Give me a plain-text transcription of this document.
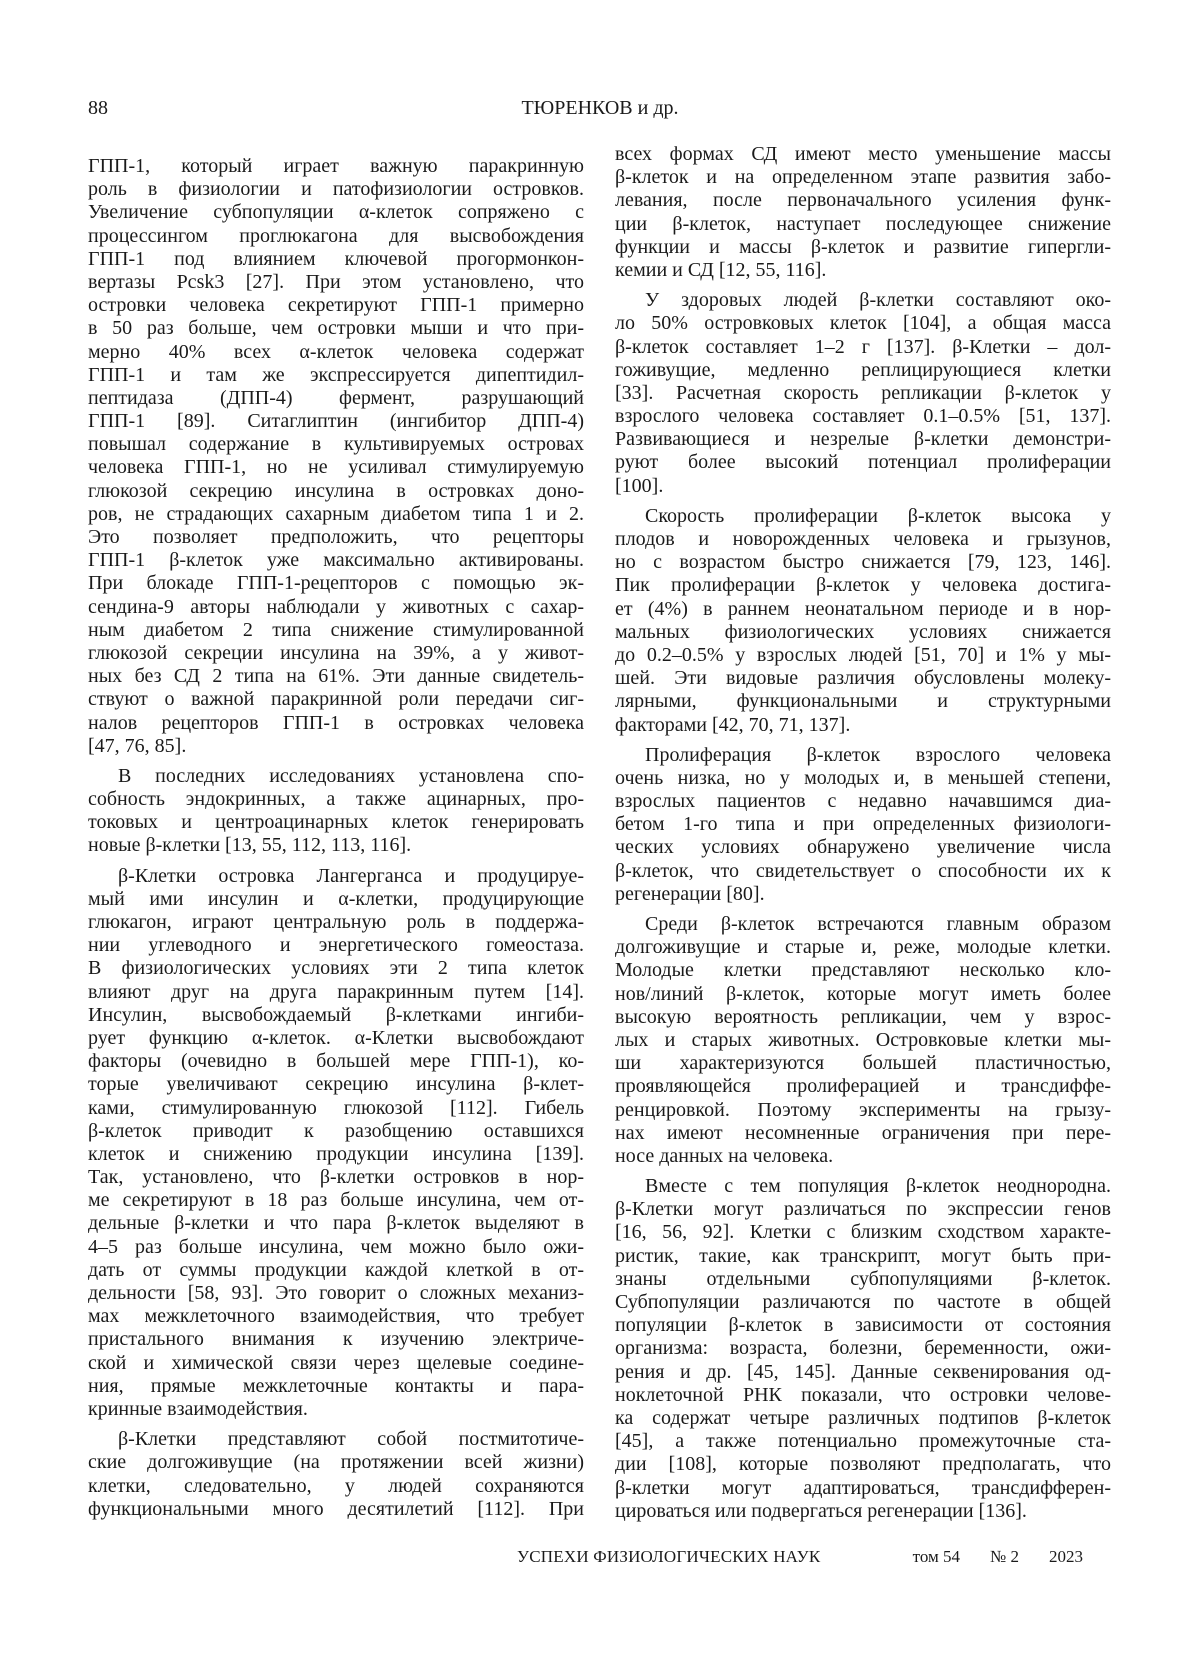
88	ТЮРЕНКОВ и др.
ГПП-1, который играет важную паракринную
роль в физиологии и патофизиологии островков.
Увеличение субпопуляции α-клеток сопряжено с
процессингом проглюкагона для высвобождения
ГПП-1 под влиянием ключевой прогормонкон-
вертазы Pcsk3 [27]. При этом установлено, что
островки человека секретируют ГПП-1 примерно
в 50 раз больше, чем островки мыши и что при-
мерно 40% всех α-клеток человека содержат
ГПП-1 и там же экспрессируется дипептидил-
пептидаза (ДПП-4) фермент, разрушающий
ГПП-1 [89]. Ситаглиптин (ингибитор ДПП-4)
повышал содержание в культивируемых островах
человека ГПП-1, но не усиливал стимулируемую
глюкозой секрецию инсулина в островках доно-
ров, не страдающих сахарным диабетом типа 1 и 2.
Это позволяет предположить, что рецепторы
ГПП-1 β-клеток уже максимально активированы.
При блокаде ГПП-1-рецепторов с помощью эк-
сендина-9 авторы наблюдали у животных с сахар-
ным диабетом 2 типа снижение стимулированной
глюкозой секреции инсулина на 39%, а у живот-
ных без СД 2 типа на 61%. Эти данные свидетель-
ствуют о важной паракринной роли передачи сиг-
налов рецепторов ГПП-1 в островках человека
[47, 76, 85].
В последних исследованиях установлена спо-
собность эндокринных, а также ацинарных, про-
токовых и центроацинарных клеток генерировать
новые β-клетки [13, 55, 112, 113, 116].
β-Клетки островка Лангерганса и продуцируе-
мый ими инсулин и α-клетки, продуцирующие
глюкагон, играют центральную роль в поддержа-
нии углеводного и энергетического гомеостаза.
В физиологических условиях эти 2 типа клеток
влияют друг на друга паракринным путем [14].
Инсулин, высвобождаемый β-клетками ингиби-
рует функцию α-клеток. α-Клетки высвобождают
факторы (очевидно в большей мере ГПП-1), ко-
торые увеличивают секрецию инсулина β-клет-
ками, стимулированную глюкозой [112]. Гибель
β-клеток приводит к разобщению оставшихся
клеток и снижению продукции инсулина [139].
Так, установлено, что β-клетки островков в нор-
ме секретируют в 18 раз больше инсулина, чем от-
дельные β-клетки и что пара β-клеток выделяют в
4–5 раз больше инсулина, чем можно было ожи-
дать от суммы продукции каждой клеткой в от-
дельности [58, 93]. Это говорит о сложных механиз-
мах межклеточного взаимодействия, что требует
пристального внимания к изучению электриче-
ской и химической связи через щелевые соедине-
ния, прямые межклеточные контакты и пара-
кринные взаимодействия.
β-Клетки представляют собой постмитотиче-
ские долгоживущие (на протяжении всей жизни)
клетки, следовательно, у людей сохраняются
функциональными много десятилетий [112]. При
всех формах СД имеют место уменьшение массы
β-клеток и на определенном этапе развития забо-
левания, после первоначального усиления функ-
ции β-клеток, наступает последующее снижение
функции и массы β-клеток и развитие гипергли-
кемии и СД [12, 55, 116].
У здоровых людей β-клетки составляют око-
ло 50% островковых клеток [104], а общая масса
β-клеток составляет 1–2 г [137]. β-Клетки – дол-
гоживущие, медленно реплицирующиеся клетки
[33]. Расчетная скорость репликации β-клеток у
взрослого человека составляет 0.1–0.5% [51, 137].
Развивающиеся и незрелые β-клетки демонстри-
руют более высокий потенциал пролиферации
[100].
Скорость пролиферации β-клеток высока у
плодов и новорожденных человека и грызунов,
но с возрастом быстро снижается [79, 123, 146].
Пик пролиферации β-клеток у человека достига-
ет (4%) в раннем неонатальном периоде и в нор-
мальных физиологических условиях снижается
до 0.2–0.5% у взрослых людей [51, 70] и 1% у мы-
шей. Эти видовые различия обусловлены молеку-
лярными, функциональными и структурными
факторами [42, 70, 71, 137].
Пролиферация β-клеток взрослого человека
очень низка, но у молодых и, в меньшей степени,
взрослых пациентов с недавно начавшимся диа-
бетом 1-го типа и при определенных физиологи-
ческих условиях обнаружено увеличение числа
β-клеток, что свидетельствует о способности их к
регенерации [80].
Среди β-клеток встречаются главным образом
долгоживущие и старые и, реже, молодые клетки.
Молодые клетки представляют несколько кло-
нов/линий β-клеток, которые могут иметь более
высокую вероятность репликации, чем у взрос-
лых и старых животных. Островковые клетки мы-
ши характеризуются большей пластичностью,
проявляющейся пролиферацией и трансдиффе-
ренцировкой. Поэтому эксперименты на грызу-
нах имеют несомненные ограничения при пере-
носе данных на человека.
Вместе с тем популяция β-клеток неоднородна.
β-Клетки могут различаться по экспрессии генов
[16, 56, 92]. Клетки с близким сходством характе-
ристик, такие, как транскрипт, могут быть при-
знаны отдельными субпопуляциями β-клеток.
Субпопуляции различаются по частоте в общей
популяции β-клеток в зависимости от состояния
организма: возраста, болезни, беременности, ожи-
рения и др. [45, 145]. Данные секвенирования од-
ноклеточной РНК показали, что островки челове-
ка содержат четыре различных подтипов β-клеток
[45], а также потенциально промежуточные ста-
дии [108], которые позволяют предполагать, что
β-клетки могут адаптироваться, трансдифферен-
цироваться или подвергаться регенерации [136].
УСПЕХИ ФИЗИОЛОГИЧЕСКИХ НАУК	том 54 № 2 2023
